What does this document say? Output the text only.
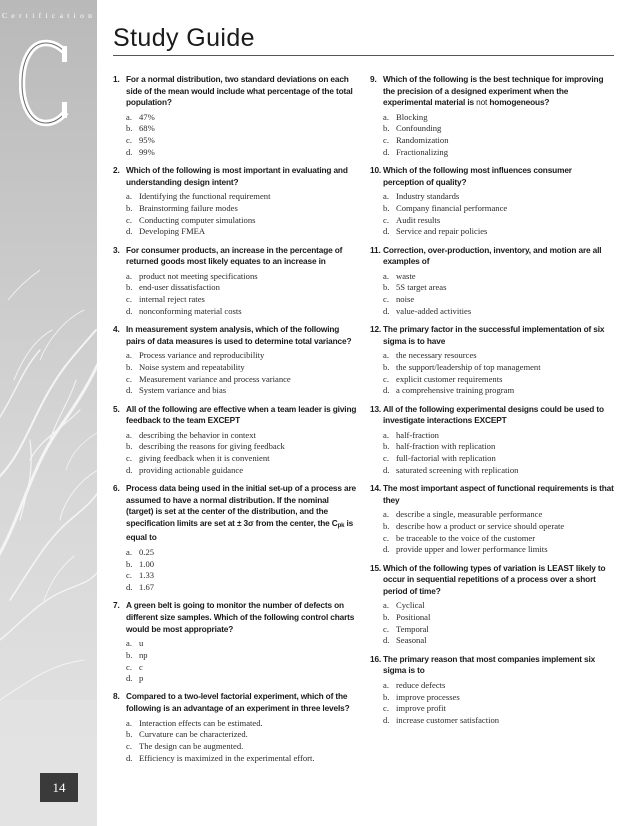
Certification
14
Study Guide
1. For a normal distribution, two standard deviations on each side of the mean would include what percentage of the total population?
a. 47%
b. 68%
c. 95%
d. 99%
2. Which of the following is most important in evaluating and understanding design intent?
a. Identifying the functional requirement
b. Brainstorming failure modes
c. Conducting computer simulations
d. Developing FMEA
3. For consumer products, an increase in the percentage of returned goods most likely equates to an increase in
a. product not meeting specifications
b. end-user dissatisfaction
c. internal reject rates
d. nonconforming material costs
4. In measurement system analysis, which of the following pairs of data measures is used to determine total variance?
a. Process variance and reproducibility
b. Noise system and repeatability
c. Measurement variance and process variance
d. System variance and bias
5. All of the following are effective when a team leader is giving feedback to the team EXCEPT
a. describing the behavior in context
b. describing the reasons for giving feedback
c. giving feedback when it is convenient
d. providing actionable guidance
6. Process data being used in the initial set-up of a process are assumed to have a normal distribution. If the nominal (target) is set at the center of the distribution, and the specification limits are set at ± 3σ from the center, the $C_{pk}$ is equal to
a. 0.25
b. 1.00
c. 1.33
d. 1.67
7. A green belt is going to monitor the number of defects on different size samples. Which of the following control charts would be most appropriate?
a. u
b. np
c. c
d. p
8. Compared to a two-level factorial experiment, which of the following is an advantage of an experiment in three levels?
a. Interaction effects can be estimated.
b. Curvature can be characterized.
c. The design can be augmented.
d. Efficiency is maximized in the experimental effort.
9. Which of the following is the best technique for improving the precision of a designed experiment when the experimental material is not homogeneous?
a. Blocking
b. Confounding
c. Randomization
d. Fractionalizing
10. Which of the following most influences consumer perception of quality?
a. Industry standards
b. Company financial performance
c. Audit results
d. Service and repair policies
11. Correction, over-production, inventory, and motion are all examples of
a. waste
b. 5S target areas
c. noise
d. value-added activities
12. The primary factor in the successful implementation of six sigma is to have
a. the necessary resources
b. the support/leadership of top management
c. explicit customer requirements
d. a comprehensive training program
13. All of the following experimental designs could be used to investigate interactions EXCEPT
a. half-fraction
b. half-fraction with replication
c. full-factorial with replication
d. saturated screening with replication
14. The most important aspect of functional requirements is that they
a. describe a single, measurable performance
b. describe how a product or service should operate
c. be traceable to the voice of the customer
d. provide upper and lower performance limits
15. Which of the following types of variation is LEAST likely to occur in sequential repetitions of a process over a short period of time?
a. Cyclical
b. Positional
c. Temporal
d. Seasonal
16. The primary reason that most companies implement six sigma is to
a. reduce defects
b. improve processes
c. improve profit
d. increase customer satisfaction
